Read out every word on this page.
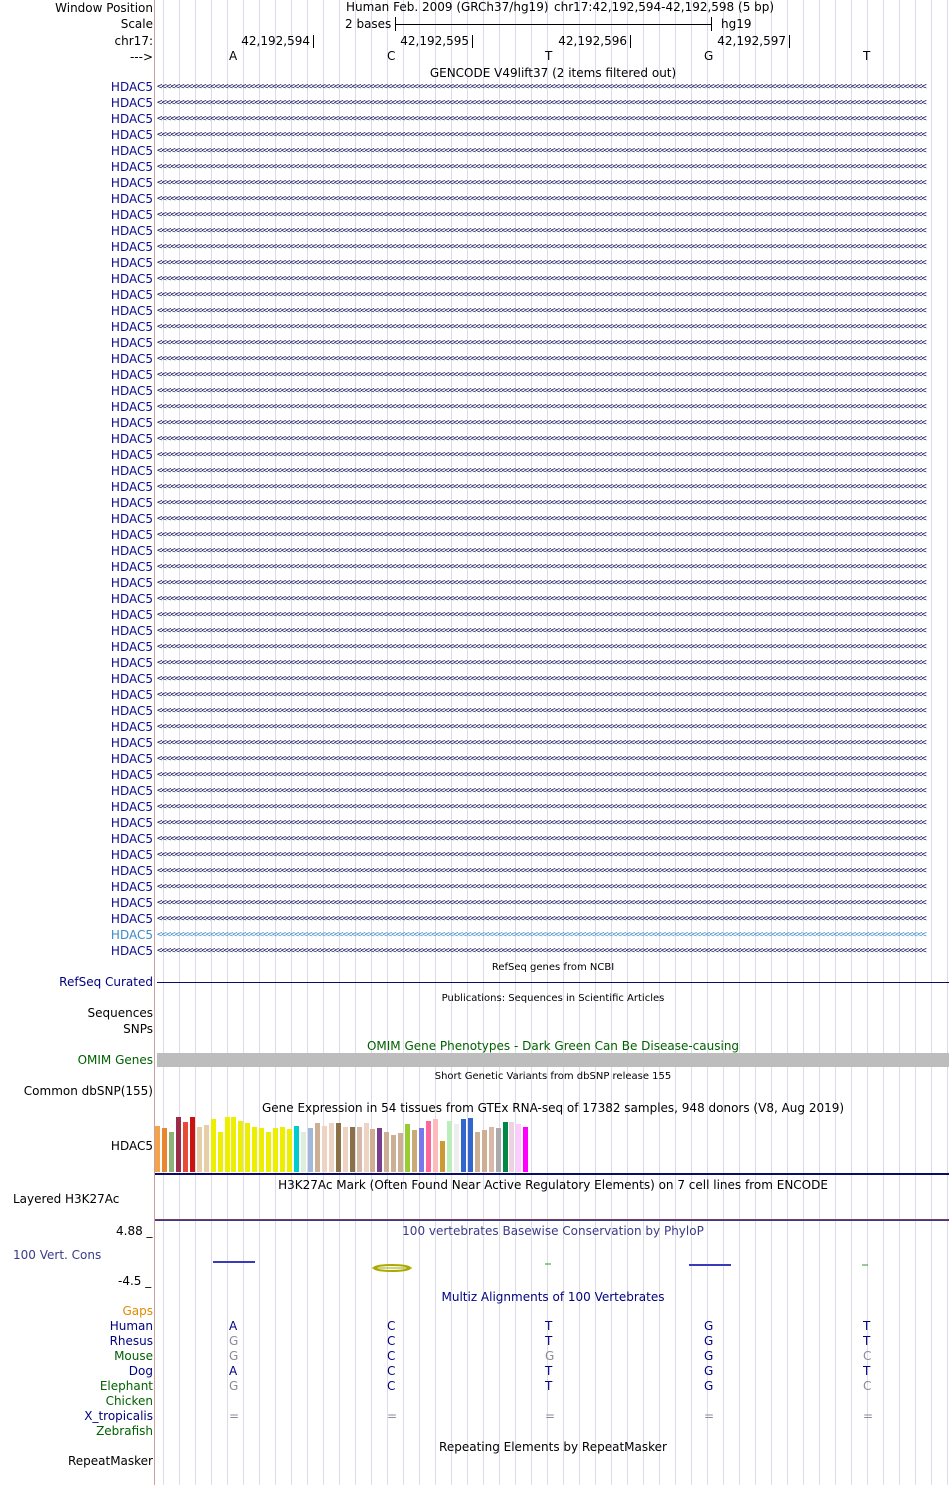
Window Position
Scale
chr17:
--->
Human Feb. 2009 (GRCh37/hg19) chr17:42,192,594-42,192,598 (5 bp)
2 bases	hg19
42,192,594	42,192,595	42,192,596	42,192,597
A	C	T	G	T
GENCODE V49lift37 (2 items filtered out)
HDAC5 <<<<<<<<<<<<<<<<<<<<<<<<<<<<<<<<<<<<<<<<<<<<<<<<<<<<<<<<<<<<<<<<<<<<<<<<<<<<<<<<<<<<<<<<<<<<<<<<<<<<<<<<<<<<<<<<<<<<<<<<<<<<<<<<<<<<<<<<<<<<<<<<<<<<<<<<<<<<<<<<<<<<<<<<<<<<<<
HDAC5 <<<<<<<<<<<<<<<<<<<<<<<<<<<<<<<<<<<<<<<<<<<<<<<<<<<<<<<<<<<<<<<<<<<<<<<<<<<<<<<<<<<<<<<<<<<<<<<<<<<<<<<<<<<<<<<<<<<<<<<<<<<<<<<<<<<<<<<<<<<<<<<<<<<<<<<<<<<<<<<<<<<<<<<<<<<<<<
HDAC5 <<<<<<<<<<<<<<<<<<<<<<<<<<<<<<<<<<<<<<<<<<<<<<<<<<<<<<<<<<<<<<<<<<<<<<<<<<<<<<<<<<<<<<<<<<<<<<<<<<<<<<<<<<<<<<<<<<<<<<<<<<<<<<<<<<<<<<<<<<<<<<<<<<<<<<<<<<<<<<<<<<<<<<<<<<<<<<
HDAC5 <<<<<<<<<<<<<<<<<<<<<<<<<<<<<<<<<<<<<<<<<<<<<<<<<<<<<<<<<<<<<<<<<<<<<<<<<<<<<<<<<<<<<<<<<<<<<<<<<<<<<<<<<<<<<<<<<<<<<<<<<<<<<<<<<<<<<<<<<<<<<<<<<<<<<<<<<<<<<<<<<<<<<<<<<<<<<<
HDAC5 <<<<<<<<<<<<<<<<<<<<<<<<<<<<<<<<<<<<<<<<<<<<<<<<<<<<<<<<<<<<<<<<<<<<<<<<<<<<<<<<<<<<<<<<<<<<<<<<<<<<<<<<<<<<<<<<<<<<<<<<<<<<<<<<<<<<<<<<<<<<<<<<<<<<<<<<<<<<<<<<<<<<<<<<<<<<<<
HDAC5 <<<<<<<<<<<<<<<<<<<<<<<<<<<<<<<<<<<<<<<<<<<<<<<<<<<<<<<<<<<<<<<<<<<<<<<<<<<<<<<<<<<<<<<<<<<<<<<<<<<<<<<<<<<<<<<<<<<<<<<<<<<<<<<<<<<<<<<<<<<<<<<<<<<<<<<<<<<<<<<<<<<<<<<<<<<<<<
HDAC5 <<<<<<<<<<<<<<<<<<<<<<<<<<<<<<<<<<<<<<<<<<<<<<<<<<<<<<<<<<<<<<<<<<<<<<<<<<<<<<<<<<<<<<<<<<<<<<<<<<<<<<<<<<<<<<<<<<<<<<<<<<<<<<<<<<<<<<<<<<<<<<<<<<<<<<<<<<<<<<<<<<<<<<<<<<<<<<
HDAC5 <<<<<<<<<<<<<<<<<<<<<<<<<<<<<<<<<<<<<<<<<<<<<<<<<<<<<<<<<<<<<<<<<<<<<<<<<<<<<<<<<<<<<<<<<<<<<<<<<<<<<<<<<<<<<<<<<<<<<<<<<<<<<<<<<<<<<<<<<<<<<<<<<<<<<<<<<<<<<<<<<<<<<<<<<<<<<<
HDAC5 <<<<<<<<<<<<<<<<<<<<<<<<<<<<<<<<<<<<<<<<<<<<<<<<<<<<<<<<<<<<<<<<<<<<<<<<<<<<<<<<<<<<<<<<<<<<<<<<<<<<<<<<<<<<<<<<<<<<<<<<<<<<<<<<<<<<<<<<<<<<<<<<<<<<<<<<<<<<<<<<<<<<<<<<<<<<<<
HDAC5 <<<<<<<<<<<<<<<<<<<<<<<<<<<<<<<<<<<<<<<<<<<<<<<<<<<<<<<<<<<<<<<<<<<<<<<<<<<<<<<<<<<<<<<<<<<<<<<<<<<<<<<<<<<<<<<<<<<<<<<<<<<<<<<<<<<<<<<<<<<<<<<<<<<<<<<<<<<<<<<<<<<<<<<<<<<<<<
HDAC5 <<<<<<<<<<<<<<<<<<<<<<<<<<<<<<<<<<<<<<<<<<<<<<<<<<<<<<<<<<<<<<<<<<<<<<<<<<<<<<<<<<<<<<<<<<<<<<<<<<<<<<<<<<<<<<<<<<<<<<<<<<<<<<<<<<<<<<<<<<<<<<<<<<<<<<<<<<<<<<<<<<<<<<<<<<<<<<
HDAC5 <<<<<<<<<<<<<<<<<<<<<<<<<<<<<<<<<<<<<<<<<<<<<<<<<<<<<<<<<<<<<<<<<<<<<<<<<<<<<<<<<<<<<<<<<<<<<<<<<<<<<<<<<<<<<<<<<<<<<<<<<<<<<<<<<<<<<<<<<<<<<<<<<<<<<<<<<<<<<<<<<<<<<<<<<<<<<<
HDAC5 <<<<<<<<<<<<<<<<<<<<<<<<<<<<<<<<<<<<<<<<<<<<<<<<<<<<<<<<<<<<<<<<<<<<<<<<<<<<<<<<<<<<<<<<<<<<<<<<<<<<<<<<<<<<<<<<<<<<<<<<<<<<<<<<<<<<<<<<<<<<<<<<<<<<<<<<<<<<<<<<<<<<<<<<<<<<<<
HDAC5 <<<<<<<<<<<<<<<<<<<<<<<<<<<<<<<<<<<<<<<<<<<<<<<<<<<<<<<<<<<<<<<<<<<<<<<<<<<<<<<<<<<<<<<<<<<<<<<<<<<<<<<<<<<<<<<<<<<<<<<<<<<<<<<<<<<<<<<<<<<<<<<<<<<<<<<<<<<<<<<<<<<<<<<<<<<<<<
HDAC5 <<<<<<<<<<<<<<<<<<<<<<<<<<<<<<<<<<<<<<<<<<<<<<<<<<<<<<<<<<<<<<<<<<<<<<<<<<<<<<<<<<<<<<<<<<<<<<<<<<<<<<<<<<<<<<<<<<<<<<<<<<<<<<<<<<<<<<<<<<<<<<<<<<<<<<<<<<<<<<<<<<<<<<<<<<<<<<
HDAC5 <<<<<<<<<<<<<<<<<<<<<<<<<<<<<<<<<<<<<<<<<<<<<<<<<<<<<<<<<<<<<<<<<<<<<<<<<<<<<<<<<<<<<<<<<<<<<<<<<<<<<<<<<<<<<<<<<<<<<<<<<<<<<<<<<<<<<<<<<<<<<<<<<<<<<<<<<<<<<<<<<<<<<<<<<<<<<<
HDAC5 <<<<<<<<<<<<<<<<<<<<<<<<<<<<<<<<<<<<<<<<<<<<<<<<<<<<<<<<<<<<<<<<<<<<<<<<<<<<<<<<<<<<<<<<<<<<<<<<<<<<<<<<<<<<<<<<<<<<<<<<<<<<<<<<<<<<<<<<<<<<<<<<<<<<<<<<<<<<<<<<<<<<<<<<<<<<<<
HDAC5 <<<<<<<<<<<<<<<<<<<<<<<<<<<<<<<<<<<<<<<<<<<<<<<<<<<<<<<<<<<<<<<<<<<<<<<<<<<<<<<<<<<<<<<<<<<<<<<<<<<<<<<<<<<<<<<<<<<<<<<<<<<<<<<<<<<<<<<<<<<<<<<<<<<<<<<<<<<<<<<<<<<<<<<<<<<<<<
HDAC5 <<<<<<<<<<<<<<<<<<<<<<<<<<<<<<<<<<<<<<<<<<<<<<<<<<<<<<<<<<<<<<<<<<<<<<<<<<<<<<<<<<<<<<<<<<<<<<<<<<<<<<<<<<<<<<<<<<<<<<<<<<<<<<<<<<<<<<<<<<<<<<<<<<<<<<<<<<<<<<<<<<<<<<<<<<<<<<
HDAC5 <<<<<<<<<<<<<<<<<<<<<<<<<<<<<<<<<<<<<<<<<<<<<<<<<<<<<<<<<<<<<<<<<<<<<<<<<<<<<<<<<<<<<<<<<<<<<<<<<<<<<<<<<<<<<<<<<<<<<<<<<<<<<<<<<<<<<<<<<<<<<<<<<<<<<<<<<<<<<<<<<<<<<<<<<<<<<<
HDAC5 <<<<<<<<<<<<<<<<<<<<<<<<<<<<<<<<<<<<<<<<<<<<<<<<<<<<<<<<<<<<<<<<<<<<<<<<<<<<<<<<<<<<<<<<<<<<<<<<<<<<<<<<<<<<<<<<<<<<<<<<<<<<<<<<<<<<<<<<<<<<<<<<<<<<<<<<<<<<<<<<<<<<<<<<<<<<<<
HDAC5 <<<<<<<<<<<<<<<<<<<<<<<<<<<<<<<<<<<<<<<<<<<<<<<<<<<<<<<<<<<<<<<<<<<<<<<<<<<<<<<<<<<<<<<<<<<<<<<<<<<<<<<<<<<<<<<<<<<<<<<<<<<<<<<<<<<<<<<<<<<<<<<<<<<<<<<<<<<<<<<<<<<<<<<<<<<<<<
HDAC5 <<<<<<<<<<<<<<<<<<<<<<<<<<<<<<<<<<<<<<<<<<<<<<<<<<<<<<<<<<<<<<<<<<<<<<<<<<<<<<<<<<<<<<<<<<<<<<<<<<<<<<<<<<<<<<<<<<<<<<<<<<<<<<<<<<<<<<<<<<<<<<<<<<<<<<<<<<<<<<<<<<<<<<<<<<<<<<
HDAC5 <<<<<<<<<<<<<<<<<<<<<<<<<<<<<<<<<<<<<<<<<<<<<<<<<<<<<<<<<<<<<<<<<<<<<<<<<<<<<<<<<<<<<<<<<<<<<<<<<<<<<<<<<<<<<<<<<<<<<<<<<<<<<<<<<<<<<<<<<<<<<<<<<<<<<<<<<<<<<<<<<<<<<<<<<<<<<<
HDAC5 <<<<<<<<<<<<<<<<<<<<<<<<<<<<<<<<<<<<<<<<<<<<<<<<<<<<<<<<<<<<<<<<<<<<<<<<<<<<<<<<<<<<<<<<<<<<<<<<<<<<<<<<<<<<<<<<<<<<<<<<<<<<<<<<<<<<<<<<<<<<<<<<<<<<<<<<<<<<<<<<<<<<<<<<<<<<<<
HDAC5 <<<<<<<<<<<<<<<<<<<<<<<<<<<<<<<<<<<<<<<<<<<<<<<<<<<<<<<<<<<<<<<<<<<<<<<<<<<<<<<<<<<<<<<<<<<<<<<<<<<<<<<<<<<<<<<<<<<<<<<<<<<<<<<<<<<<<<<<<<<<<<<<<<<<<<<<<<<<<<<<<<<<<<<<<<<<<<
HDAC5 <<<<<<<<<<<<<<<<<<<<<<<<<<<<<<<<<<<<<<<<<<<<<<<<<<<<<<<<<<<<<<<<<<<<<<<<<<<<<<<<<<<<<<<<<<<<<<<<<<<<<<<<<<<<<<<<<<<<<<<<<<<<<<<<<<<<<<<<<<<<<<<<<<<<<<<<<<<<<<<<<<<<<<<<<<<<<<
HDAC5 <<<<<<<<<<<<<<<<<<<<<<<<<<<<<<<<<<<<<<<<<<<<<<<<<<<<<<<<<<<<<<<<<<<<<<<<<<<<<<<<<<<<<<<<<<<<<<<<<<<<<<<<<<<<<<<<<<<<<<<<<<<<<<<<<<<<<<<<<<<<<<<<<<<<<<<<<<<<<<<<<<<<<<<<<<<<<<
HDAC5 <<<<<<<<<<<<<<<<<<<<<<<<<<<<<<<<<<<<<<<<<<<<<<<<<<<<<<<<<<<<<<<<<<<<<<<<<<<<<<<<<<<<<<<<<<<<<<<<<<<<<<<<<<<<<<<<<<<<<<<<<<<<<<<<<<<<<<<<<<<<<<<<<<<<<<<<<<<<<<<<<<<<<<<<<<<<<<
HDAC5 <<<<<<<<<<<<<<<<<<<<<<<<<<<<<<<<<<<<<<<<<<<<<<<<<<<<<<<<<<<<<<<<<<<<<<<<<<<<<<<<<<<<<<<<<<<<<<<<<<<<<<<<<<<<<<<<<<<<<<<<<<<<<<<<<<<<<<<<<<<<<<<<<<<<<<<<<<<<<<<<<<<<<<<<<<<<<<
HDAC5 <<<<<<<<<<<<<<<<<<<<<<<<<<<<<<<<<<<<<<<<<<<<<<<<<<<<<<<<<<<<<<<<<<<<<<<<<<<<<<<<<<<<<<<<<<<<<<<<<<<<<<<<<<<<<<<<<<<<<<<<<<<<<<<<<<<<<<<<<<<<<<<<<<<<<<<<<<<<<<<<<<<<<<<<<<<<<<
HDAC5 <<<<<<<<<<<<<<<<<<<<<<<<<<<<<<<<<<<<<<<<<<<<<<<<<<<<<<<<<<<<<<<<<<<<<<<<<<<<<<<<<<<<<<<<<<<<<<<<<<<<<<<<<<<<<<<<<<<<<<<<<<<<<<<<<<<<<<<<<<<<<<<<<<<<<<<<<<<<<<<<<<<<<<<<<<<<<<
HDAC5 <<<<<<<<<<<<<<<<<<<<<<<<<<<<<<<<<<<<<<<<<<<<<<<<<<<<<<<<<<<<<<<<<<<<<<<<<<<<<<<<<<<<<<<<<<<<<<<<<<<<<<<<<<<<<<<<<<<<<<<<<<<<<<<<<<<<<<<<<<<<<<<<<<<<<<<<<<<<<<<<<<<<<<<<<<<<<<
HDAC5 <<<<<<<<<<<<<<<<<<<<<<<<<<<<<<<<<<<<<<<<<<<<<<<<<<<<<<<<<<<<<<<<<<<<<<<<<<<<<<<<<<<<<<<<<<<<<<<<<<<<<<<<<<<<<<<<<<<<<<<<<<<<<<<<<<<<<<<<<<<<<<<<<<<<<<<<<<<<<<<<<<<<<<<<<<<<<<
HDAC5 <<<<<<<<<<<<<<<<<<<<<<<<<<<<<<<<<<<<<<<<<<<<<<<<<<<<<<<<<<<<<<<<<<<<<<<<<<<<<<<<<<<<<<<<<<<<<<<<<<<<<<<<<<<<<<<<<<<<<<<<<<<<<<<<<<<<<<<<<<<<<<<<<<<<<<<<<<<<<<<<<<<<<<<<<<<<<<
HDAC5 <<<<<<<<<<<<<<<<<<<<<<<<<<<<<<<<<<<<<<<<<<<<<<<<<<<<<<<<<<<<<<<<<<<<<<<<<<<<<<<<<<<<<<<<<<<<<<<<<<<<<<<<<<<<<<<<<<<<<<<<<<<<<<<<<<<<<<<<<<<<<<<<<<<<<<<<<<<<<<<<<<<<<<<<<<<<<<
HDAC5 <<<<<<<<<<<<<<<<<<<<<<<<<<<<<<<<<<<<<<<<<<<<<<<<<<<<<<<<<<<<<<<<<<<<<<<<<<<<<<<<<<<<<<<<<<<<<<<<<<<<<<<<<<<<<<<<<<<<<<<<<<<<<<<<<<<<<<<<<<<<<<<<<<<<<<<<<<<<<<<<<<<<<<<<<<<<<<
HDAC5 <<<<<<<<<<<<<<<<<<<<<<<<<<<<<<<<<<<<<<<<<<<<<<<<<<<<<<<<<<<<<<<<<<<<<<<<<<<<<<<<<<<<<<<<<<<<<<<<<<<<<<<<<<<<<<<<<<<<<<<<<<<<<<<<<<<<<<<<<<<<<<<<<<<<<<<<<<<<<<<<<<<<<<<<<<<<<<
HDAC5 <<<<<<<<<<<<<<<<<<<<<<<<<<<<<<<<<<<<<<<<<<<<<<<<<<<<<<<<<<<<<<<<<<<<<<<<<<<<<<<<<<<<<<<<<<<<<<<<<<<<<<<<<<<<<<<<<<<<<<<<<<<<<<<<<<<<<<<<<<<<<<<<<<<<<<<<<<<<<<<<<<<<<<<<<<<<<<
HDAC5 <<<<<<<<<<<<<<<<<<<<<<<<<<<<<<<<<<<<<<<<<<<<<<<<<<<<<<<<<<<<<<<<<<<<<<<<<<<<<<<<<<<<<<<<<<<<<<<<<<<<<<<<<<<<<<<<<<<<<<<<<<<<<<<<<<<<<<<<<<<<<<<<<<<<<<<<<<<<<<<<<<<<<<<<<<<<<<
HDAC5 <<<<<<<<<<<<<<<<<<<<<<<<<<<<<<<<<<<<<<<<<<<<<<<<<<<<<<<<<<<<<<<<<<<<<<<<<<<<<<<<<<<<<<<<<<<<<<<<<<<<<<<<<<<<<<<<<<<<<<<<<<<<<<<<<<<<<<<<<<<<<<<<<<<<<<<<<<<<<<<<<<<<<<<<<<<<<<
HDAC5 <<<<<<<<<<<<<<<<<<<<<<<<<<<<<<<<<<<<<<<<<<<<<<<<<<<<<<<<<<<<<<<<<<<<<<<<<<<<<<<<<<<<<<<<<<<<<<<<<<<<<<<<<<<<<<<<<<<<<<<<<<<<<<<<<<<<<<<<<<<<<<<<<<<<<<<<<<<<<<<<<<<<<<<<<<<<<<
HDAC5 <<<<<<<<<<<<<<<<<<<<<<<<<<<<<<<<<<<<<<<<<<<<<<<<<<<<<<<<<<<<<<<<<<<<<<<<<<<<<<<<<<<<<<<<<<<<<<<<<<<<<<<<<<<<<<<<<<<<<<<<<<<<<<<<<<<<<<<<<<<<<<<<<<<<<<<<<<<<<<<<<<<<<<<<<<<<<<
HDAC5 <<<<<<<<<<<<<<<<<<<<<<<<<<<<<<<<<<<<<<<<<<<<<<<<<<<<<<<<<<<<<<<<<<<<<<<<<<<<<<<<<<<<<<<<<<<<<<<<<<<<<<<<<<<<<<<<<<<<<<<<<<<<<<<<<<<<<<<<<<<<<<<<<<<<<<<<<<<<<<<<<<<<<<<<<<<<<<
HDAC5 <<<<<<<<<<<<<<<<<<<<<<<<<<<<<<<<<<<<<<<<<<<<<<<<<<<<<<<<<<<<<<<<<<<<<<<<<<<<<<<<<<<<<<<<<<<<<<<<<<<<<<<<<<<<<<<<<<<<<<<<<<<<<<<<<<<<<<<<<<<<<<<<<<<<<<<<<<<<<<<<<<<<<<<<<<<<<<
HDAC5 <<<<<<<<<<<<<<<<<<<<<<<<<<<<<<<<<<<<<<<<<<<<<<<<<<<<<<<<<<<<<<<<<<<<<<<<<<<<<<<<<<<<<<<<<<<<<<<<<<<<<<<<<<<<<<<<<<<<<<<<<<<<<<<<<<<<<<<<<<<<<<<<<<<<<<<<<<<<<<<<<<<<<<<<<<<<<<
HDAC5 <<<<<<<<<<<<<<<<<<<<<<<<<<<<<<<<<<<<<<<<<<<<<<<<<<<<<<<<<<<<<<<<<<<<<<<<<<<<<<<<<<<<<<<<<<<<<<<<<<<<<<<<<<<<<<<<<<<<<<<<<<<<<<<<<<<<<<<<<<<<<<<<<<<<<<<<<<<<<<<<<<<<<<<<<<<<<<
HDAC5 <<<<<<<<<<<<<<<<<<<<<<<<<<<<<<<<<<<<<<<<<<<<<<<<<<<<<<<<<<<<<<<<<<<<<<<<<<<<<<<<<<<<<<<<<<<<<<<<<<<<<<<<<<<<<<<<<<<<<<<<<<<<<<<<<<<<<<<<<<<<<<<<<<<<<<<<<<<<<<<<<<<<<<<<<<<<<<
HDAC5 <<<<<<<<<<<<<<<<<<<<<<<<<<<<<<<<<<<<<<<<<<<<<<<<<<<<<<<<<<<<<<<<<<<<<<<<<<<<<<<<<<<<<<<<<<<<<<<<<<<<<<<<<<<<<<<<<<<<<<<<<<<<<<<<<<<<<<<<<<<<<<<<<<<<<<<<<<<<<<<<<<<<<<<<<<<<<<
HDAC5 <<<<<<<<<<<<<<<<<<<<<<<<<<<<<<<<<<<<<<<<<<<<<<<<<<<<<<<<<<<<<<<<<<<<<<<<<<<<<<<<<<<<<<<<<<<<<<<<<<<<<<<<<<<<<<<<<<<<<<<<<<<<<<<<<<<<<<<<<<<<<<<<<<<<<<<<<<<<<<<<<<<<<<<<<<<<<<
HDAC5 <<<<<<<<<<<<<<<<<<<<<<<<<<<<<<<<<<<<<<<<<<<<<<<<<<<<<<<<<<<<<<<<<<<<<<<<<<<<<<<<<<<<<<<<<<<<<<<<<<<<<<<<<<<<<<<<<<<<<<<<<<<<<<<<<<<<<<<<<<<<<<<<<<<<<<<<<<<<<<<<<<<<<<<<<<<<<<
HDAC5 <<<<<<<<<<<<<<<<<<<<<<<<<<<<<<<<<<<<<<<<<<<<<<<<<<<<<<<<<<<<<<<<<<<<<<<<<<<<<<<<<<<<<<<<<<<<<<<<<<<<<<<<<<<<<<<<<<<<<<<<<<<<<<<<<<<<<<<<<<<<<<<<<<<<<<<<<<<<<<<<<<<<<<<<<<<<<<
HDAC5 <<<<<<<<<<<<<<<<<<<<<<<<<<<<<<<<<<<<<<<<<<<<<<<<<<<<<<<<<<<<<<<<<<<<<<<<<<<<<<<<<<<<<<<<<<<<<<<<<<<<<<<<<<<<<<<<<<<<<<<<<<<<<<<<<<<<<<<<<<<<<<<<<<<<<<<<<<<<<<<<<<<<<<<<<<<<<<
HDAC5 <<<<<<<<<<<<<<<<<<<<<<<<<<<<<<<<<<<<<<<<<<<<<<<<<<<<<<<<<<<<<<<<<<<<<<<<<<<<<<<<<<<<<<<<<<<<<<<<<<<<<<<<<<<<<<<<<<<<<<<<<<<<<<<<<<<<<<<<<<<<<<<<<<<<<<<<<<<<<<<<<<<<<<<<<<<<<<
HDAC5 <<<<<<<<<<<<<<<<<<<<<<<<<<<<<<<<<<<<<<<<<<<<<<<<<<<<<<<<<<<<<<<<<<<<<<<<<<<<<<<<<<<<<<<<<<<<<<<<<<<<<<<<<<<<<<<<<<<<<<<<<<<<<<<<<<<<<<<<<<<<<<<<<<<<<<<<<<<<<<<<<<<<<<<<<<<<<<
RefSeq genes from NCBI
RefSeq Curated
Publications: Sequences in Scientific Articles
Sequences
SNPs
OMIM Gene Phenotypes - Dark Green Can Be Disease-causing
OMIM Genes
Short Genetic Variants from dbSNP release 155
Common dbSNP(155)
Gene Expression in 54 tissues from GTEx RNA-seq of 17382 samples, 948 donors (V8, Aug 2019)
HDAC5
H3K27Ac Mark (Often Found Near Active Regulatory Elements) on 7 cell lines from ENCODE
Layered H3K27Ac
100 vertebrates Basewise Conservation by PhyloP
4.88 _
100 Vert. Cons
-4.5 _
Multiz Alignments of 100 Vertebrates
Gaps
Human	A	C	T	G	T
Rhesus	G	C	T	G	T
Mouse	G	C	G	G	C
Dog	A	C	T	G	T
Elephant	G	C	T	G	C
Chicken
X_tropicalis	=	=	=	=	=
Zebrafish
Repeating Elements by RepeatMasker
RepeatMasker
